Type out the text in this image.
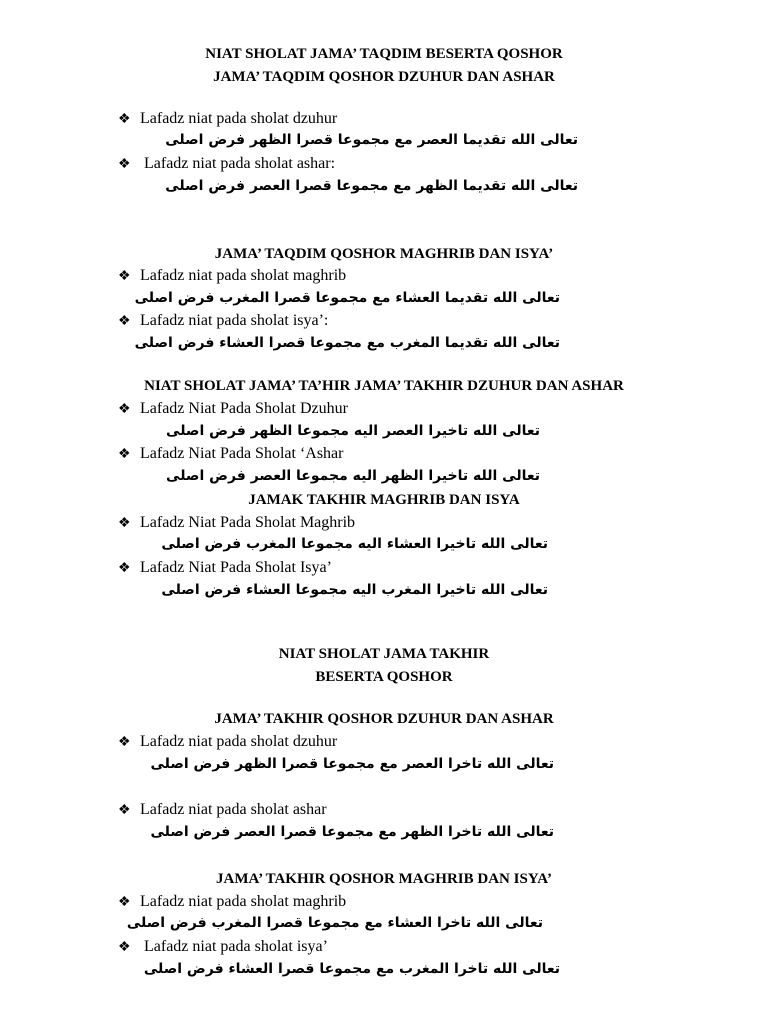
NIAT SHOLAT JAMA’ TAQDIM BESERTA QOSHOR
JAMA’ TAQDIM QOSHOR DZUHUR DAN ASHAR
JAMA’ TAQDIM QOSHOR MAGHRIB DAN ISYA’
NIAT SHOLAT JAMA’ TA’HIR JAMA’ TAKHIR DZUHUR DAN ASHAR
JAMAK TAKHIR MAGHRIB DAN ISYA
NIAT SHOLAT JAMA TAKHIR
BESERTA QOSHOR
JAMA’ TAKHIR QOSHOR DZUHUR DAN ASHAR
JAMA’ TAKHIR QOSHOR MAGHRIB DAN ISYA’
❖ Lafadz niat pada sholat dzuhur
تعالى الله تقديما العصر مع مجموعا قصرا الظهر فرض اصلى
❖ Lafadz niat pada sholat ashar:
تعالى الله تقديما الظهر مع مجموعا قصرا العصر فرض اصلى
❖ Lafadz niat pada sholat maghrib
تعالى الله تقديما العشاء مع مجموعا قصرا المغرب فرض اصلى
❖ Lafadz niat pada sholat isya’:
تعالى الله تقديما المغرب مع مجموعا قصرا العشاء فرض اصلى
❖ Lafadz Niat Pada Sholat Dzuhur
تعالى الله تاخيرا العصر اليه مجموعا الظهر فرض اصلى
❖ Lafadz Niat Pada Sholat ‘Ashar
تعالى الله تاخيرا الظهر اليه مجموعا العصر فرض اصلى
❖ Lafadz Niat Pada Sholat Maghrib
تعالى الله تاخيرا العشاء اليه مجموعا المغرب فرض اصلى
❖ Lafadz Niat Pada Sholat Isya’
تعالى الله تاخيرا المغرب اليه مجموعا العشاء فرض اصلى
❖ Lafadz niat pada sholat dzuhur
تعالى الله تاخرا العصر مع مجموعا قصرا الظهر فرض اصلى
❖ Lafadz niat pada sholat ashar
تعالى الله تاخرا الظهر مع مجموعا قصرا العصر فرض اصلى
❖ Lafadz niat pada sholat maghrib
تعالى الله تاخرا العشاء مع مجموعا قصرا المغرب فرض اصلى
❖ Lafadz niat pada sholat isya’
تعالى الله تاخرا المغرب مع مجموعا قصرا العشاء فرض اصلى
